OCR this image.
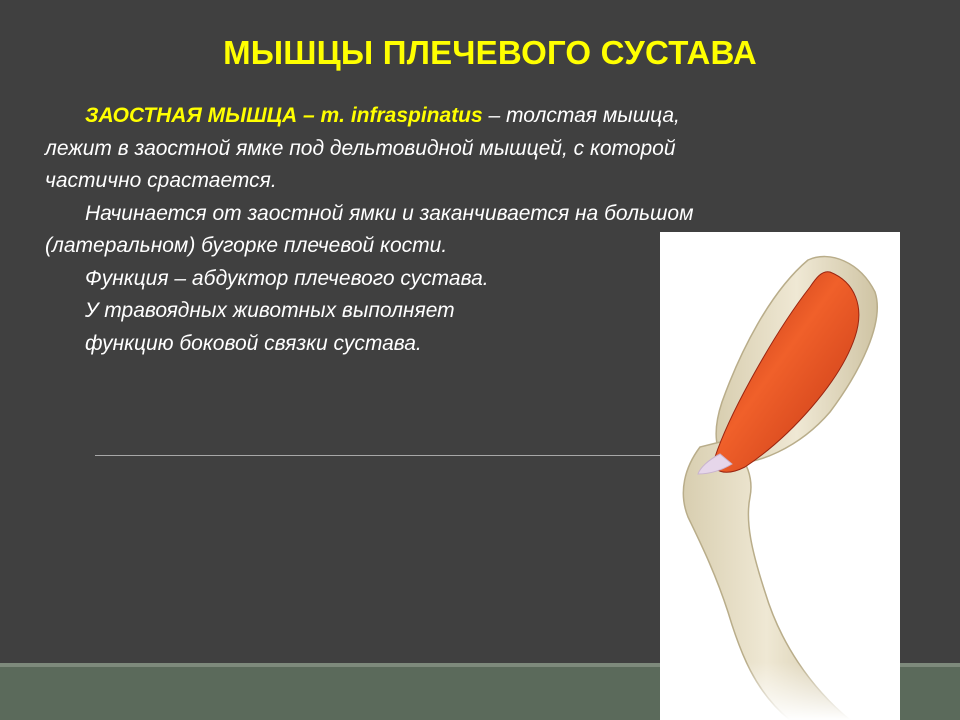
МЫШЦЫ ПЛЕЧЕВОГО СУСТАВА

ЗАОСТНАЯ МЫШЦА – m. infraspinatus – толстая мышца,

лежит в заостной ямке под дельтовидной мышцей, с которой

частично срастается.

Начинается от заостной ямки и заканчивается на большом

(латеральном) бугорке плечевой кости.

Функция – абдуктор плечевого сустава.

У травоядных животных выполняет

функцию боковой связки сустава.
